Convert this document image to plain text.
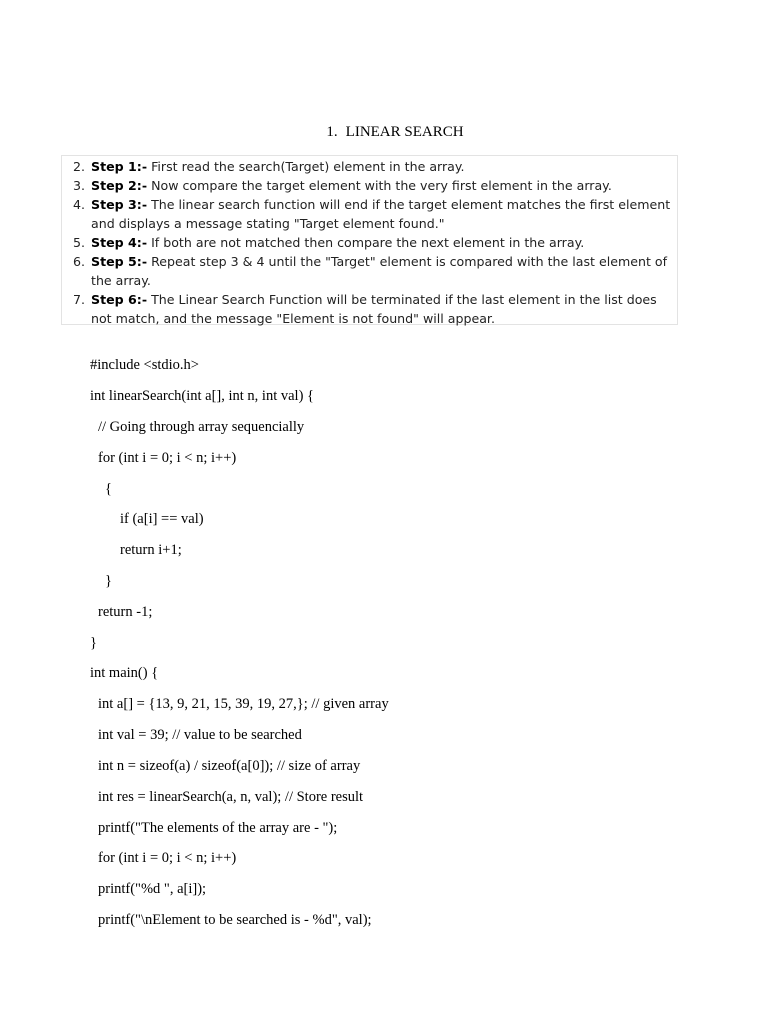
1. LINEAR SEARCH
2. Step 1:- First read the search(Target) element in the array.
3. Step 2:- Now compare the target element with the very first element in the array.
4. Step 3:- The linear search function will end if the target element matches the first element and displays a message stating "Target element found."
5. Step 4:- If both are not matched then compare the next element in the array.
6. Step 5:- Repeat step 3 & 4 until the "Target" element is compared with the last element of the array.
7. Step 6:- The Linear Search Function will be terminated if the last element in the list does not match, and the message "Element is not found" will appear.
#include <stdio.h>
int linearSearch(int a[], int n, int val) {
// Going through array sequencially
for (int i = 0; i < n; i++)
{
if (a[i] == val)
return i+1;
}
return -1;
}
int main() {
int a[] = {13, 9, 21, 15, 39, 19, 27,}; // given array
int val = 39; // value to be searched
int n = sizeof(a) / sizeof(a[0]); // size of array
int res = linearSearch(a, n, val); // Store result
printf("The elements of the array are - ");
for (int i = 0; i < n; i++)
printf("%d ", a[i]);
printf("\nElement to be searched is - %d", val);
